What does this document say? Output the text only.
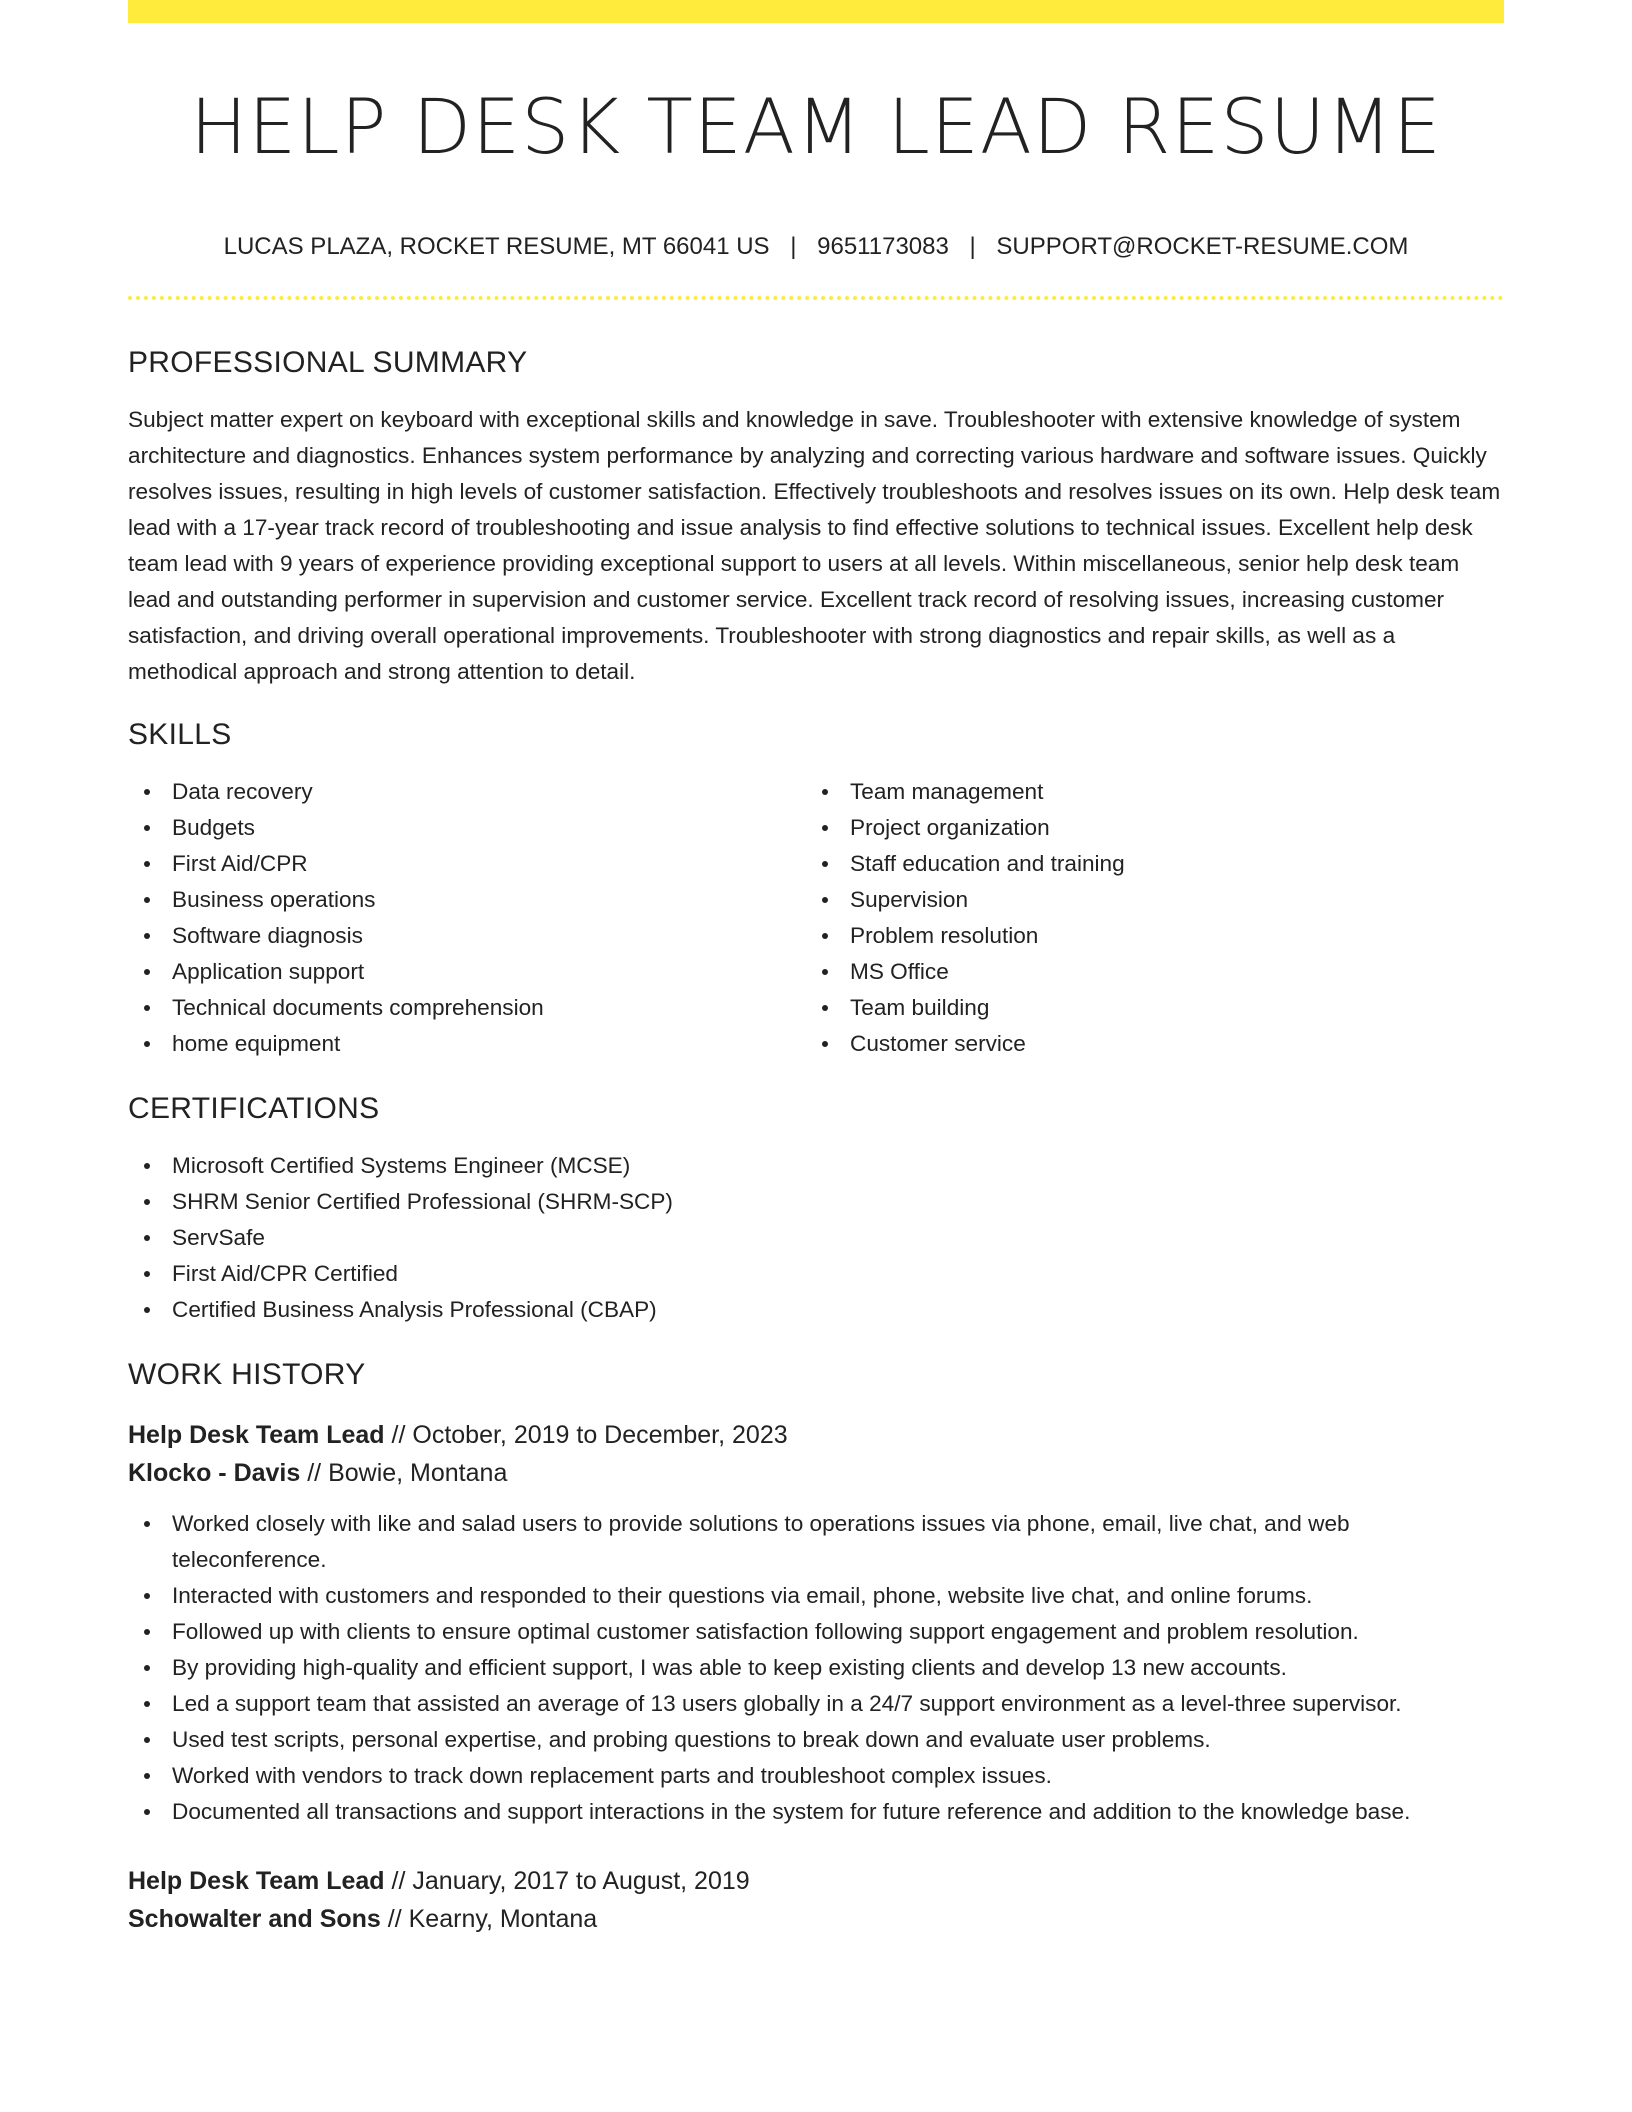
HELP DESK TEAM LEAD RESUME
LUCAS PLAZA, ROCKET RESUME, MT 66041 US | 9651173083 | SUPPORT@ROCKET-RESUME.COM
PROFESSIONAL SUMMARY

Subject matter expert on keyboard with exceptional skills and knowledge in save. Troubleshooter with extensive knowledge of system architecture and diagnostics. Enhances system performance by analyzing and correcting various hardware and software issues. Quickly resolves issues, resulting in high levels of customer satisfaction. Effectively troubleshoots and resolves issues on its own. Help desk team lead with a 17-year track record of troubleshooting and issue analysis to find effective solutions to technical issues. Excellent help desk team lead with 9 years of experience providing exceptional support to users at all levels. Within miscellaneous, senior help desk team lead and outstanding performer in supervision and customer service. Excellent track record of resolving issues, increasing customer satisfaction, and driving overall operational improvements. Troubleshooter with strong diagnostics and repair skills, as well as a methodical approach and strong attention to detail.

SKILLS
Data recovery
Budgets
First Aid/CPR
Business operations
Software diagnosis
Application support
Technical documents comprehension
home equipment
Team management
Project organization
Staff education and training
Supervision
Problem resolution
MS Office
Team building
Customer service
CERTIFICATIONS
Microsoft Certified Systems Engineer (MCSE)
SHRM Senior Certified Professional (SHRM-SCP)
ServSafe
First Aid/CPR Certified
Certified Business Analysis Professional (CBAP)
WORK HISTORY
Help Desk Team Lead // October, 2019 to December, 2023
Klocko - Davis // Bowie, Montana
Worked closely with like and salad users to provide solutions to operations issues via phone, email, live chat, and web teleconference.
Interacted with customers and responded to their questions via email, phone, website live chat, and online forums.
Followed up with clients to ensure optimal customer satisfaction following support engagement and problem resolution.
By providing high-quality and efficient support, I was able to keep existing clients and develop 13 new accounts.
Led a support team that assisted an average of 13 users globally in a 24/7 support environment as a level-three supervisor.
Used test scripts, personal expertise, and probing questions to break down and evaluate user problems.
Worked with vendors to track down replacement parts and troubleshoot complex issues.
Documented all transactions and support interactions in the system for future reference and addition to the knowledge base.
Help Desk Team Lead // January, 2017 to August, 2019
Schowalter and Sons // Kearny, Montana
